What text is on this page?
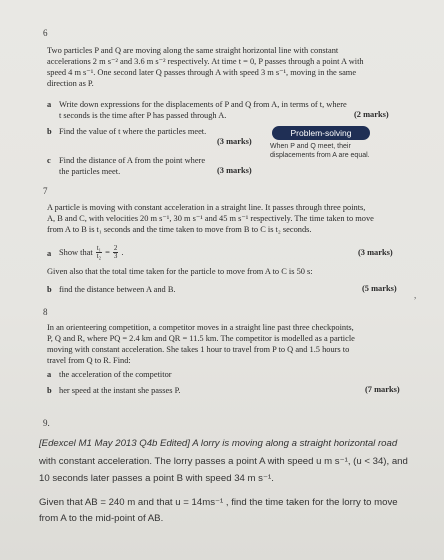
6
Two particles P and Q are moving along the same straight horizontal line with constant
accelerations 2 m s⁻² and 3.6 m s⁻² respectively. At time t = 0, P passes through a point A with
speed 4 m s⁻¹. One second later Q passes through A with speed 3 m s⁻¹, moving in the same
direction as P.
a Write down expressions for the displacements of P and Q from A, in terms of t, where
t seconds is the time after P has passed through A.	(2 marks)
b Find the value of t where the particles meet.
(3 marks)
Problem-solving
When P and Q meet, their displacements from A are equal.
c Find the distance of A from the point where
the particles meet.	(3 marks)
7
A particle is moving with constant acceleration in a straight line. It passes through three points,
A, B and C, with velocities 20 m s⁻¹, 30 m s⁻¹ and 45 m s⁻¹ respectively. The time taken to move
from A to B is t₁ seconds and the time taken to move from B to C is t₂ seconds.
a Show that $\frac{\text{t₁}}{\text{t₂}} = \frac{2}{3}$ .	(3 marks)
Given also that the total time taken for the particle to move from A to C is 50 s:
b find the distance between A and B.	(5 marks)
,
8
In an orienteering competition, a competitor moves in a straight line past three checkpoints,
P, Q and R, where PQ = 2.4 km and QR = 11.5 km. The competitor is modelled as a particle
moving with constant acceleration. She takes 1 hour to travel from P to Q and 1.5 hours to
travel from Q to R. Find:
a the acceleration of the competitor
b her speed at the instant she passes P.	(7 marks)
9.
[Edexcel M1 May 2013 Q4b Edited] A lorry is moving along a straight horizontal road
with constant acceleration. The lorry passes a point A with speed u m s⁻¹, (u < 34), and
10 seconds later passes a point B with speed 34 m s⁻¹.
Given that AB = 240 m and that u = 14ms⁻¹ , find the time taken for the lorry to move
from A to the mid-point of AB.
